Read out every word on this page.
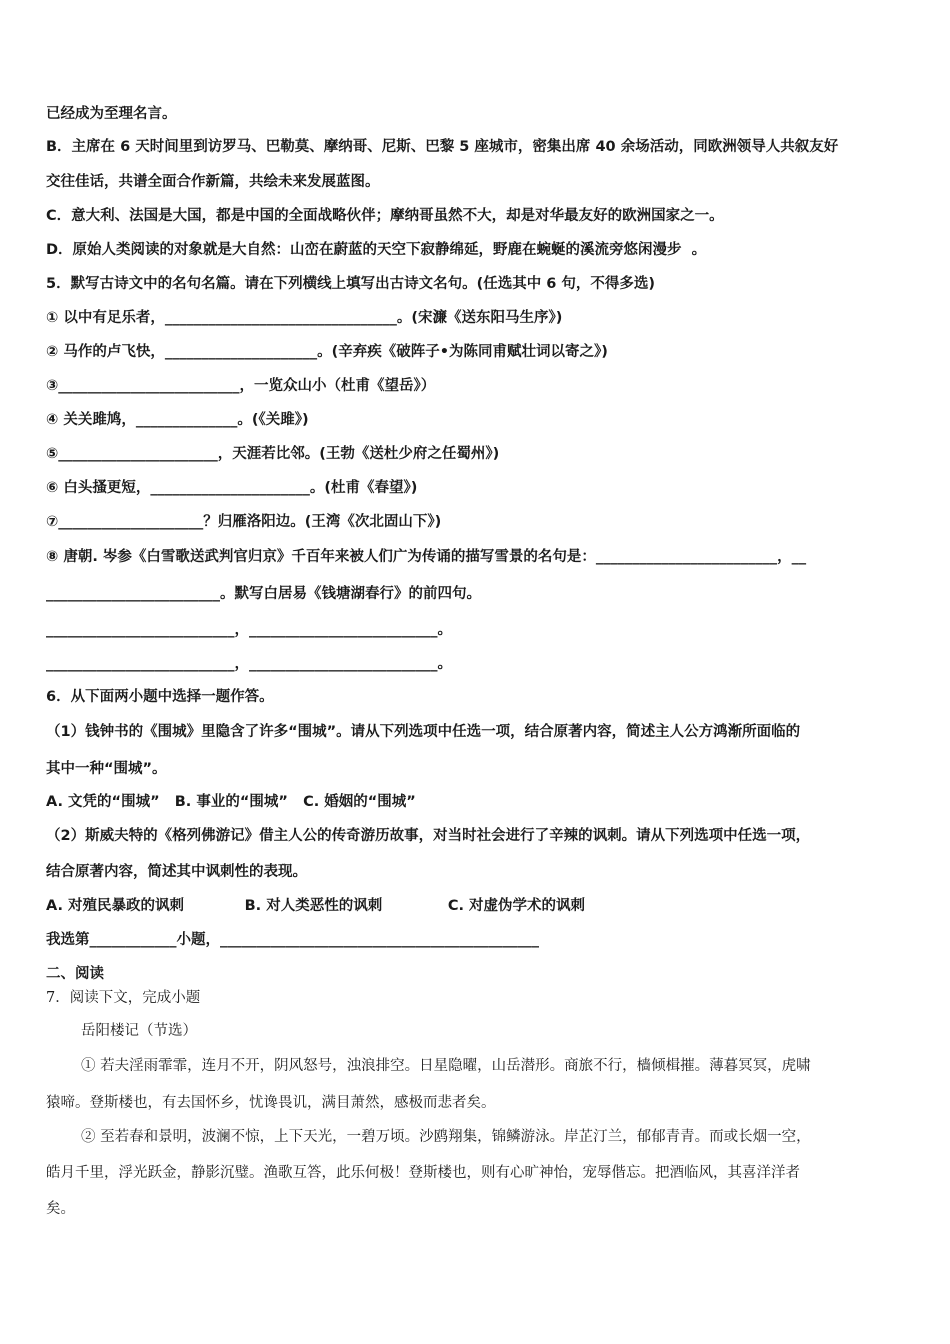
已经成为至理名言。
B．主席在 6 天时间里到访罗马、巴勒莫、摩纳哥、尼斯、巴黎 5 座城市，密集出席 40 余场活动，同欧洲领导人共叙友好
交往佳话，共谱全面合作新篇，共绘未来发展蓝图。
C．意大利、法国是大国，都是中国的全面战略伙伴；摩纳哥虽然不大，却是对华最友好的欧洲国家之一。
D．原始人类阅读的对象就是大自然：山峦在蔚蓝的天空下寂静绵延，野鹿在蜿蜒的溪流旁悠闲漫步  。
5．默写古诗文中的名句名篇。请在下列横线上填写出古诗文名句。(任选其中 6 句，不得多选)
① 以中有足乐者，________________________________。(宋濂《送东阳马生序》)
② 马作的卢飞快，_____________________。(辛弃疾《破阵子•为陈同甫赋壮词以寄之》)
③_________________________，一览众山小（杜甫《望岳》）
④ 关关雎鸠，______________。(《关雎》)
⑤______________________，天涯若比邻。(王勃《送杜少府之任蜀州》)
⑥ 白头搔更短，______________________。(杜甫《春望》)
⑦____________________？归雁洛阳边。(王湾《次北固山下》)
⑧ 唐朝. 岑参《白雪歌送武判官归京》千百年来被人们广为传诵的描写雪景的名句是：_________________________，__
________________________。默写白居易《钱塘湖春行》的前四句。
__________________________，__________________________。
__________________________，__________________________。
6．从下面两小题中选择一题作答。
（1）钱钟书的《围城》里隐含了许多“围城”。请从下列选项中任选一项，结合原著内容，简述主人公方鸿渐所面临的
其中一种“围城”。
A. 文凭的“围城”   B. 事业的“围城”   C. 婚姻的“围城”
（2）斯威夫特的《格列佛游记》借主人公的传奇游历故事，对当时社会进行了辛辣的讽刺。请从下列选项中任选一项，
结合原著内容，简述其中讽刺性的表现。
A. 对殖民暴政的讽刺            B. 对人类恶性的讽刺             C. 对虚伪学术的讽刺
我选第____________小题，____________________________________________
二、阅读
7．阅读下文，完成小题
岳阳楼记（节选）
① 若夫淫雨霏霏，连月不开，阴风怒号，浊浪排空。日星隐曜，山岳潜形。商旅不行，樯倾楫摧。薄暮冥冥，虎啸
猿啼。登斯楼也，有去国怀乡，忧谗畏讥，满目萧然，感极而悲者矣。
② 至若春和景明，波澜不惊，上下天光，一碧万顷。沙鸥翔集，锦鳞游泳。岸芷汀兰，郁郁青青。而或长烟一空，
皓月千里，浮光跃金，静影沉璧。渔歌互答，此乐何极！登斯楼也，则有心旷神怡，宠辱偕忘。把酒临风，其喜洋洋者
矣。
